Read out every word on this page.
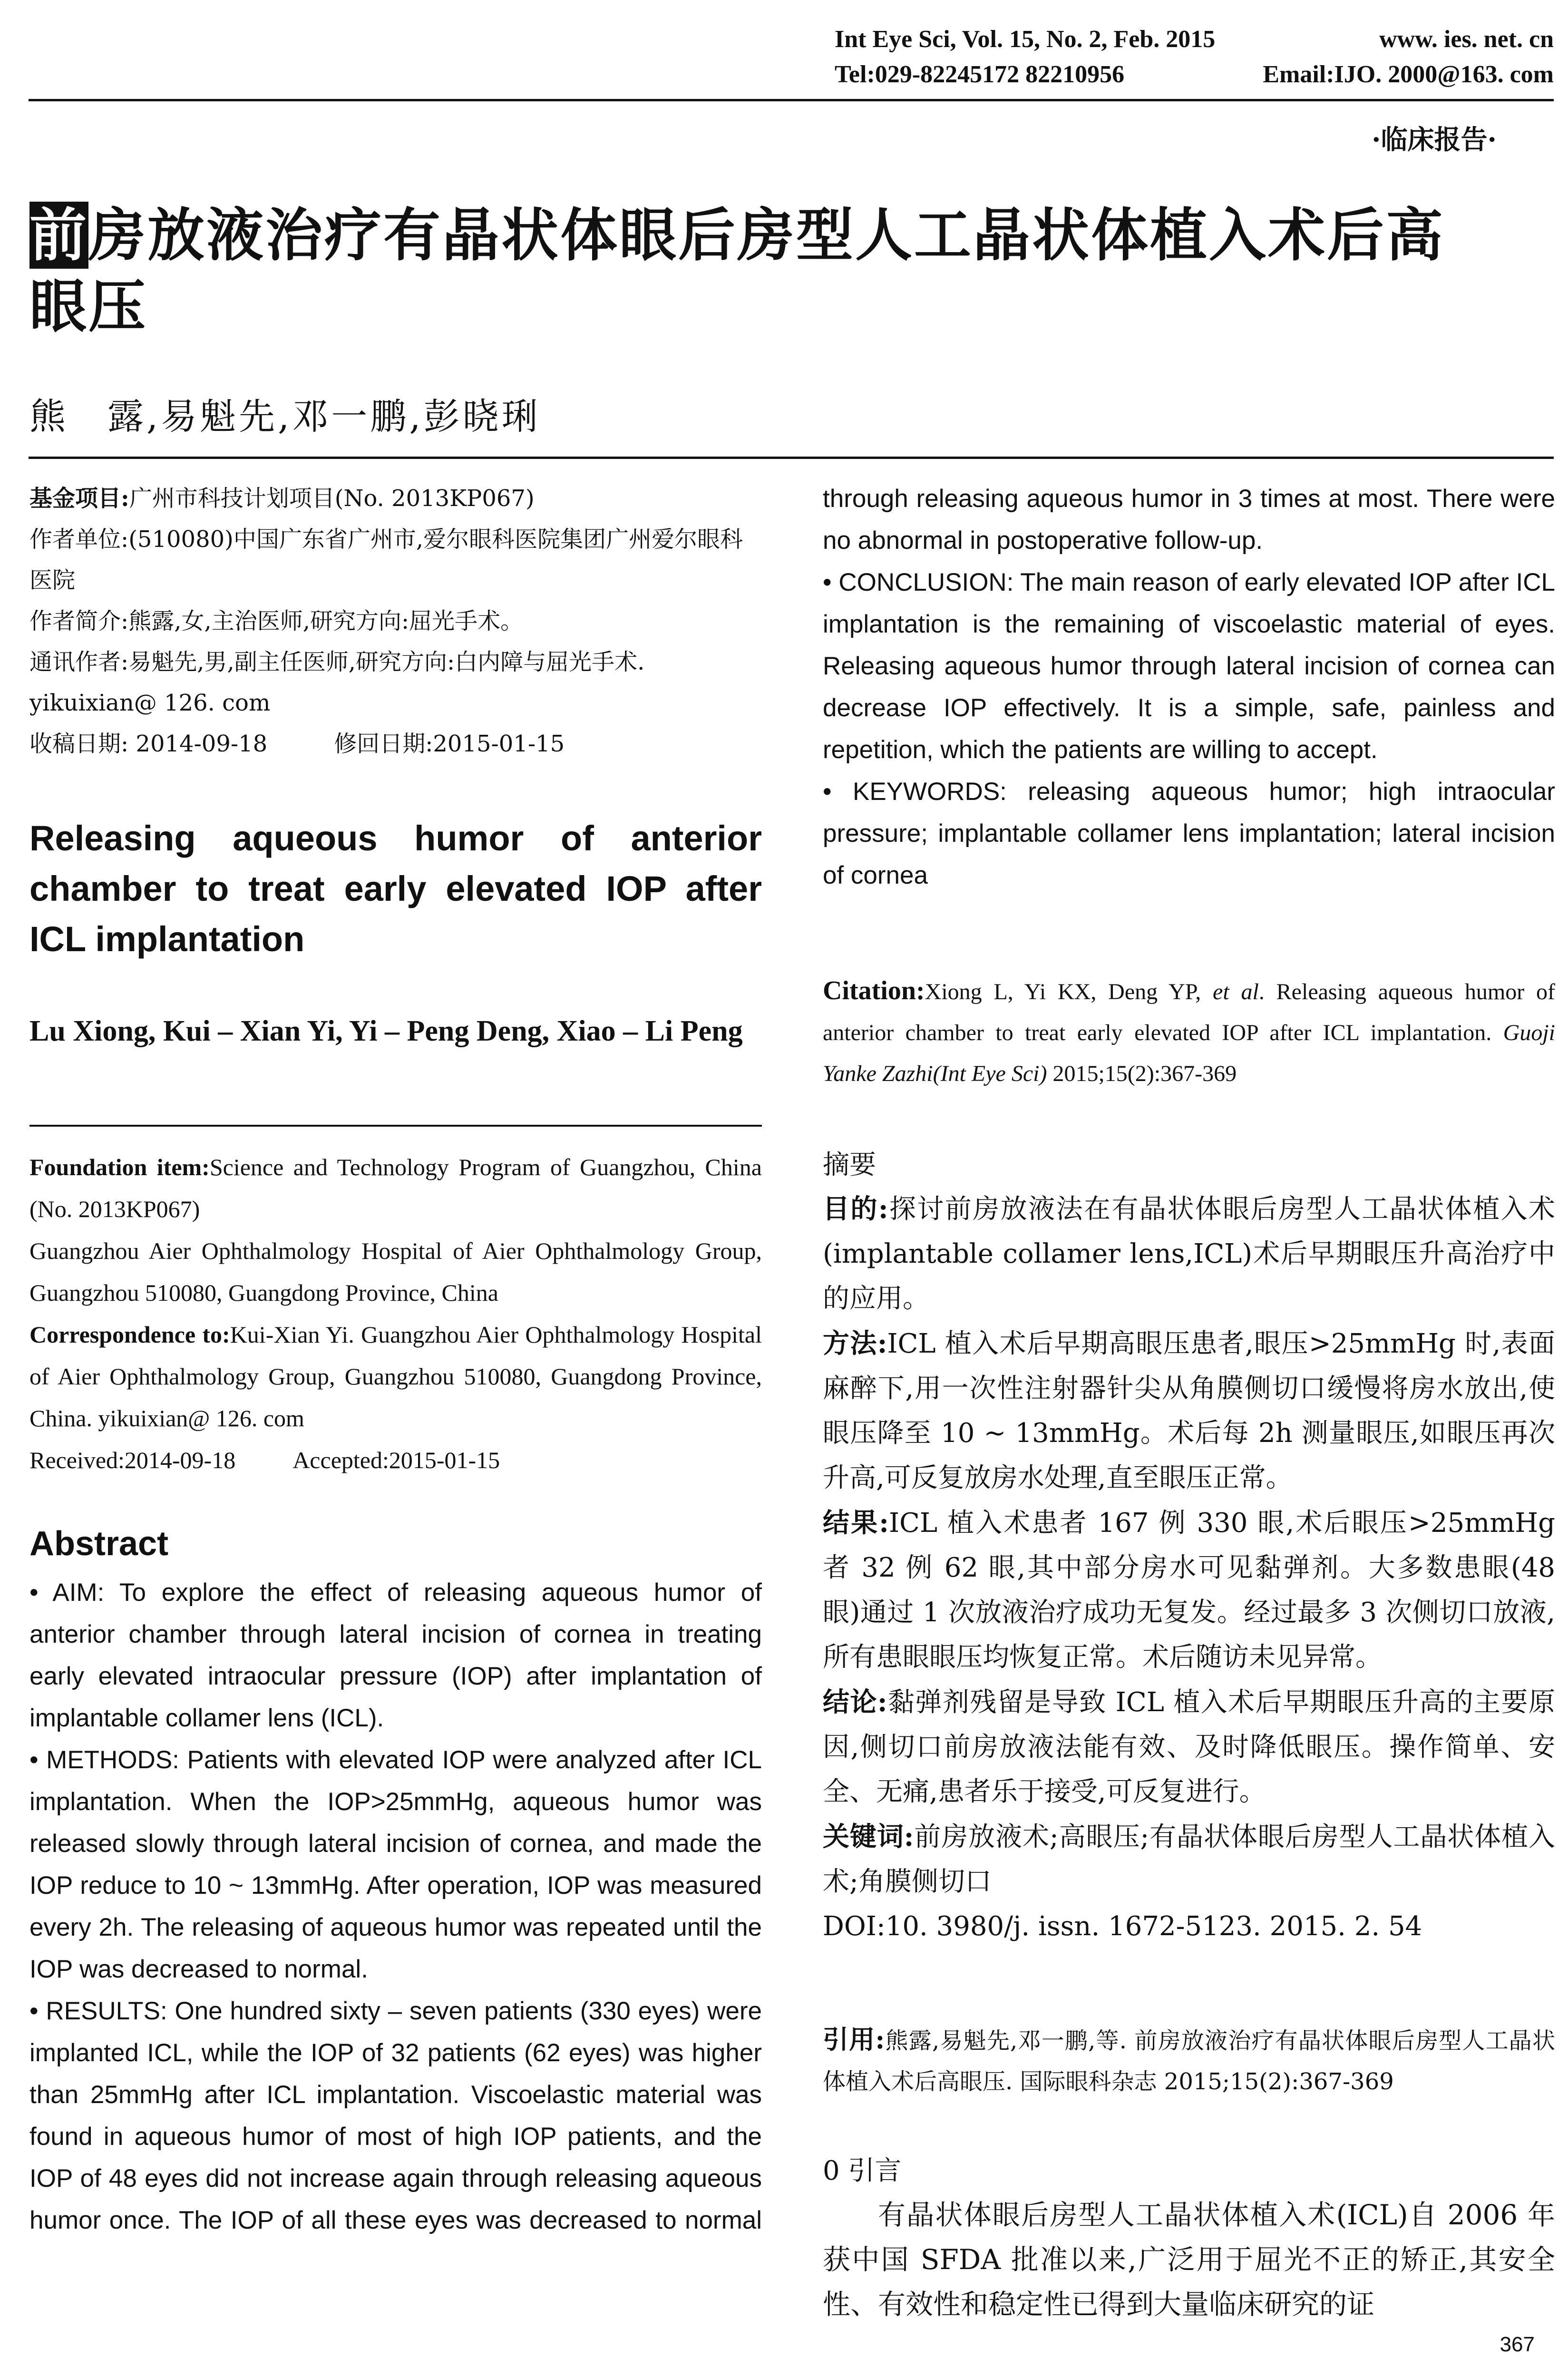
Int Eye Sci, Vol. 15, No. 2, Feb. 2015	www. ies. net. cn
Tel:029-82245172 82210956	Email:IJO. 2000@163. com
·临床报告·
前房放液治疗有晶状体眼后房型人工晶状体植入术后高
眼压
熊　露,易魁先,邓一鹏,彭晓琍
基金项目:广州市科技计划项目(No. 2013KP067)
作者单位:(510080)中国广东省广州市,爱尔眼科医院集团广州爱尔眼科医院
作者简介:熊露,女,主治医师,研究方向:屈光手术。
通讯作者:易魁先,男,副主任医师,研究方向:白内障与屈光手术. yikuixian@ 126. com
收稿日期: 2014-09-18	修回日期:2015-01-15
Releasing aqueous humor of anterior chamber to treat early elevated IOP after ICL implantation
Lu Xiong, Kui – Xian Yi, Yi – Peng Deng, Xiao – Li Peng
Foundation item:Science and Technology Program of Guangzhou, China (No. 2013KP067)
Guangzhou Aier Ophthalmology Hospital of Aier Ophthalmology Group, Guangzhou 510080, Guangdong Province, China
Correspondence to:Kui-Xian Yi. Guangzhou Aier Ophthalmology Hospital of Aier Ophthalmology Group, Guangzhou 510080, Guangdong Province, China. yikuixian@ 126. com
Received:2014-09-18 Accepted:2015-01-15
Abstract

• AIM: To explore the effect of releasing aqueous humor of anterior chamber through lateral incision of cornea in treating early elevated intraocular pressure (IOP) after implantation of implantable collamer lens (ICL).

• METHODS: Patients with elevated IOP were analyzed after ICL implantation. When the IOP>25mmHg, aqueous humor was released slowly through lateral incision of cornea, and made the IOP reduce to 10 ~ 13mmHg. After operation, IOP was measured every 2h. The releasing of aqueous humor was repeated until the IOP was decreased to normal.

• RESULTS: One hundred sixty – seven patients (330 eyes) were implanted ICL, while the IOP of 32 patients (62 eyes) was higher than 25mmHg after ICL implantation. Viscoelastic material was found in aqueous humor of most of high IOP patients, and the IOP of 48 eyes did not increase again through releasing aqueous humor once. The IOP of all these eyes was decreased to normal

through releasing aqueous humor in 3 times at most. There were no abnormal in postoperative follow-up.

• CONCLUSION: The main reason of early elevated IOP after ICL implantation is the remaining of viscoelastic material of eyes. Releasing aqueous humor through lateral incision of cornea can decrease IOP effectively. It is a simple, safe, painless and repetition, which the patients are willing to accept.

• KEYWORDS: releasing aqueous humor; high intraocular pressure; implantable collamer lens implantation; lateral incision of cornea

Citation:Xiong L, Yi KX, Deng YP, et al. Releasing aqueous humor of anterior chamber to treat early elevated IOP after ICL implantation. Guoji Yanke Zazhi(Int Eye Sci) 2015;15(2):367-369
摘要

目的:探讨前房放液法在有晶状体眼后房型人工晶状体植入术(implantable collamer lens,ICL)术后早期眼压升高治疗中的应用。

方法:ICL 植入术后早期高眼压患者,眼压>25mmHg 时,表面麻醉下,用一次性注射器针尖从角膜侧切口缓慢将房水放出,使眼压降至 10 ~ 13mmHg。术后每 2h 测量眼压,如眼压再次升高,可反复放房水处理,直至眼压正常。

结果:ICL 植入术患者 167 例 330 眼,术后眼压>25mmHg 者 32 例 62 眼,其中部分房水可见黏弹剂。大多数患眼(48 眼)通过 1 次放液治疗成功无复发。经过最多 3 次侧切口放液,所有患眼眼压均恢复正常。术后随访未见异常。

结论:黏弹剂残留是导致 ICL 植入术后早期眼压升高的主要原因,侧切口前房放液法能有效、及时降低眼压。操作简单、安全、无痛,患者乐于接受,可反复进行。

关键词:前房放液术;高眼压;有晶状体眼后房型人工晶状体植入术;角膜侧切口

DOI:10. 3980/j. issn. 1672-5123. 2015. 2. 54

引用:熊露,易魁先,邓一鹏,等. 前房放液治疗有晶状体眼后房型人工晶状体植入术后高眼压. 国际眼科杂志 2015;15(2):367-369
0 引言
有晶状体眼后房型人工晶状体植入术(ICL)自 2006 年获中国 SFDA 批准以来,广泛用于屈光不正的矫正,其安全性、有效性和稳定性已得到大量临床研究的证
367
